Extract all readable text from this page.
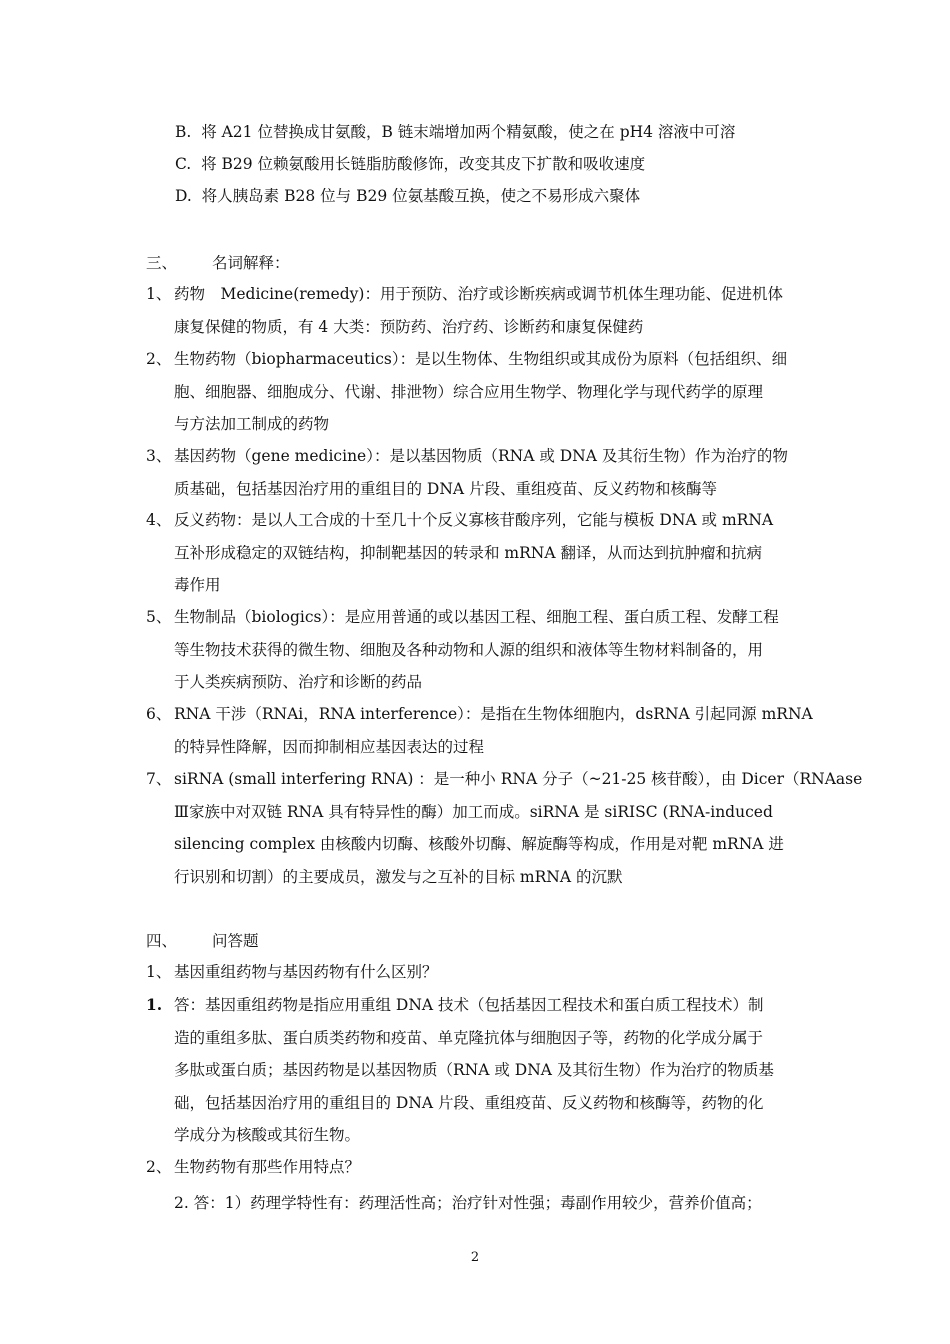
B. 将 A21 位替换成甘氨酸，B 链末端增加两个精氨酸，使之在 pH4 溶液中可溶
C. 将 B29 位赖氨酸用长链脂肪酸修饰，改变其皮下扩散和吸收速度
D. 将人胰岛素 B28 位与 B29 位氨基酸互换，使之不易形成六聚体
三、 名词解释：
1、 药物　Medicine(remedy)：用于预防、治疗或诊断疾病或调节机体生理功能、促进机体
康复保健的物质，有 4 大类：预防药、治疗药、诊断药和康复保健药
2、 生物药物（biopharmaceutics）：是以生物体、生物组织或其成份为原料（包括组织、细
胞、细胞器、细胞成分、代谢、排泄物）综合应用生物学、物理化学与现代药学的原理
与方法加工制成的药物
3、 基因药物（gene medicine）：是以基因物质（RNA 或 DNA 及其衍生物）作为治疗的物
质基础，包括基因治疗用的重组目的 DNA 片段、重组疫苗、反义药物和核酶等
4、 反义药物：是以人工合成的十至几十个反义寡核苷酸序列，它能与模板 DNA 或 mRNA
互补形成稳定的双链结构，抑制靶基因的转录和 mRNA 翻译，从而达到抗肿瘤和抗病
毒作用
5、 生物制品（biologics）：是应用普通的或以基因工程、细胞工程、蛋白质工程、发酵工程
等生物技术获得的微生物、细胞及各种动物和人源的组织和液体等生物材料制备的，用
于人类疾病预防、治疗和诊断的药品
6、 RNA 干涉（RNAi，RNA interference）：是指在生物体细胞内，dsRNA 引起同源 mRNA
的特异性降解，因而抑制相应基因表达的过程
7、 siRNA (small interfering RNA) ：是一种小 RNA 分子（~21-25 核苷酸），由 Dicer（RNAase
Ⅲ家族中对双链 RNA 具有特异性的酶）加工而成。siRNA 是 siRISC (RNA-induced
silencing complex 由核酸内切酶、核酸外切酶、解旋酶等构成，作用是对靶 mRNA 进
行识别和切割）的主要成员，激发与之互补的目标 mRNA 的沉默
四、 问答题
1、 基因重组药物与基因药物有什么区别？
1. 答：基因重组药物是指应用重组 DNA 技术（包括基因工程技术和蛋白质工程技术）制
造的重组多肽、蛋白质类药物和疫苗、单克隆抗体与细胞因子等，药物的化学成分属于
多肽或蛋白质；基因药物是以基因物质（RNA 或 DNA 及其衍生物）作为治疗的物质基
础，包括基因治疗用的重组目的 DNA 片段、重组疫苗、反义药物和核酶等，药物的化
学成分为核酸或其衍生物。
2、 生物药物有那些作用特点？
2. 答：1）药理学特性有：药理活性高；治疗针对性强；毒副作用较少，营养价值高；
2
